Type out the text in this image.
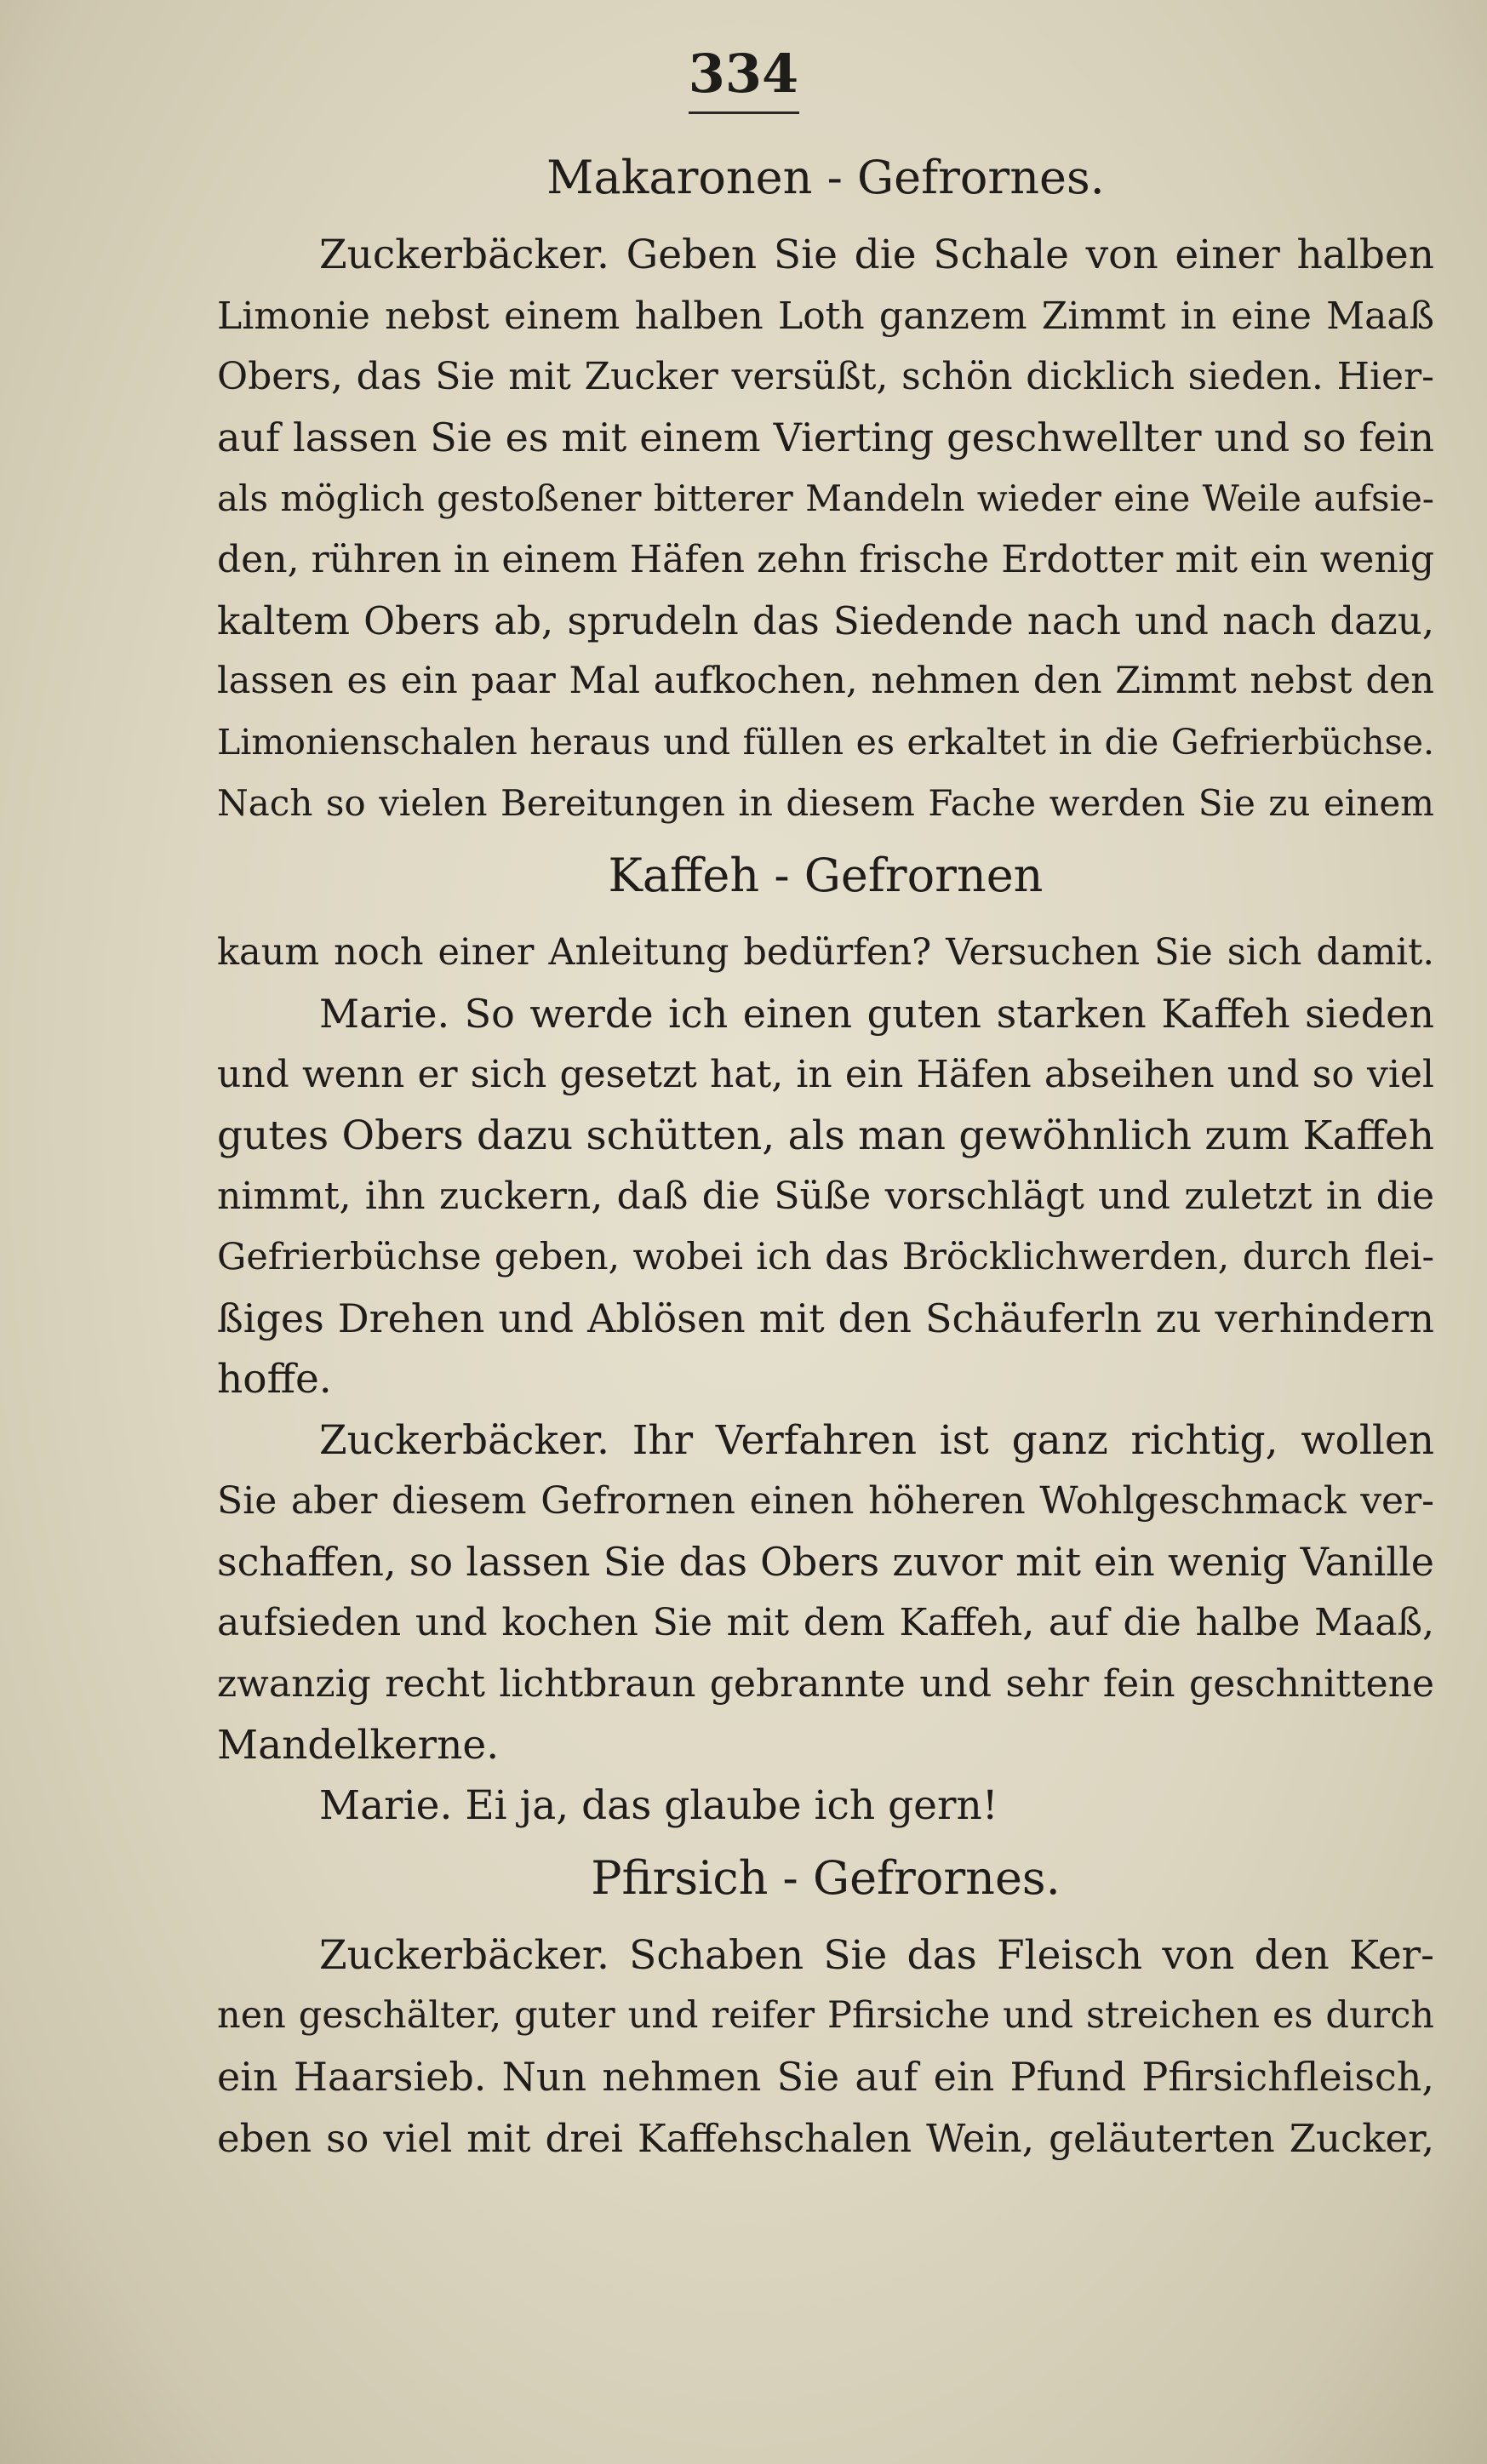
334
Makaronen - Gefrornes.
Zuckerbäcker. Geben Sie die Schale von einer halben
Limonie nebst einem halben Loth ganzem Zimmt in eine Maaß
Obers, das Sie mit Zucker versüßt, schön dicklich sieden. Hier-
auf lassen Sie es mit einem Vierting geschwellter und so fein
als möglich gestoßener bitterer Mandeln wieder eine Weile aufsie-
den, rühren in einem Häfen zehn frische Erdotter mit ein wenig
kaltem Obers ab, sprudeln das Siedende nach und nach dazu,
lassen es ein paar Mal aufkochen, nehmen den Zimmt nebst den
Limonienschalen heraus und füllen es erkaltet in die Gefrierbüchse.
Nach so vielen Bereitungen in diesem Fache werden Sie zu einem
Kaffeh - Gefrornen
kaum noch einer Anleitung bedürfen? Versuchen Sie sich damit.
Marie. So werde ich einen guten starken Kaffeh sieden
und wenn er sich gesetzt hat, in ein Häfen abseihen und so viel
gutes Obers dazu schütten, als man gewöhnlich zum Kaffeh
nimmt, ihn zuckern, daß die Süße vorschlägt und zuletzt in die
Gefrierbüchse geben, wobei ich das Bröcklichwerden, durch flei-
ßiges Drehen und Ablösen mit den Schäuferln zu verhindern
hoffe.
Zuckerbäcker. Ihr Verfahren ist ganz richtig, wollen
Sie aber diesem Gefrornen einen höheren Wohlgeschmack ver-
schaffen, so lassen Sie das Obers zuvor mit ein wenig Vanille
aufsieden und kochen Sie mit dem Kaffeh, auf die halbe Maaß,
zwanzig recht lichtbraun gebrannte und sehr fein geschnittene
Mandelkerne.
Marie. Ei ja, das glaube ich gern!
Pfirsich - Gefrornes.
Zuckerbäcker. Schaben Sie das Fleisch von den Ker-
nen geschälter, guter und reifer Pfirsiche und streichen es durch
ein Haarsieb. Nun nehmen Sie auf ein Pfund Pfirsichfleisch,
eben so viel mit drei Kaffehschalen Wein, geläuterten Zucker,
